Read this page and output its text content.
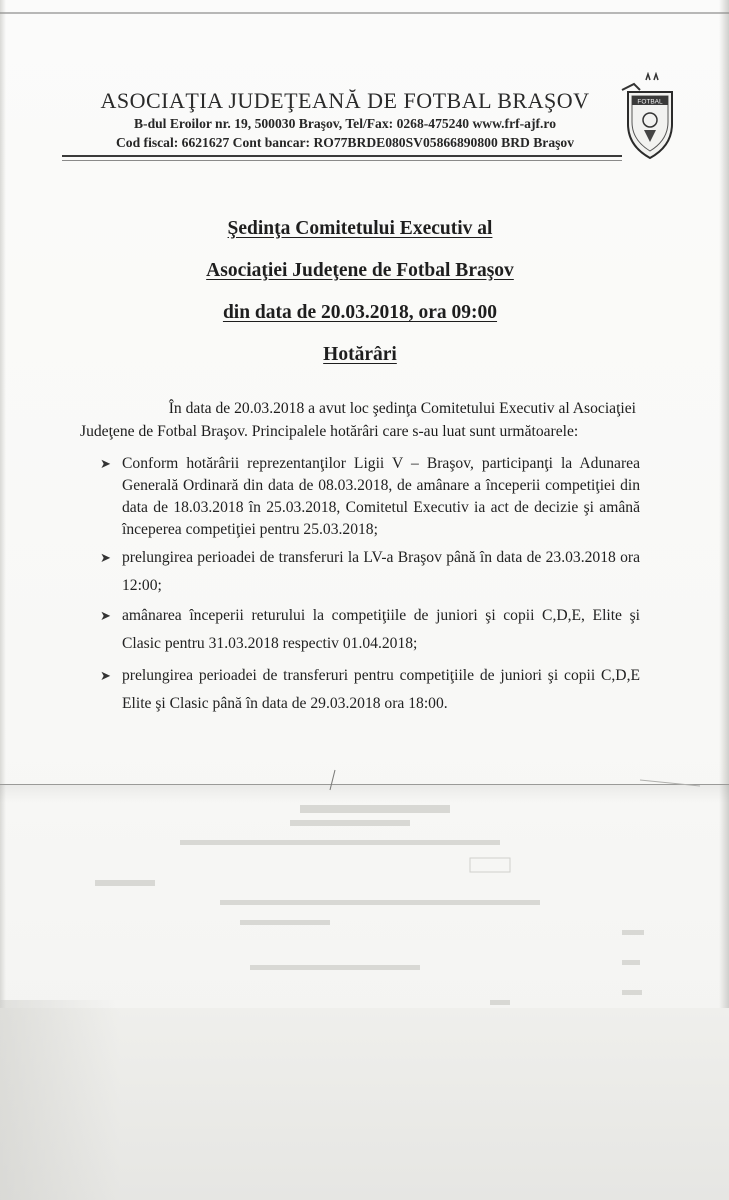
ASOCIAŢIA JUDEŢEANĂ DE FOTBAL BRAŞOV
B-dul Eroilor nr. 19, 500030 Braşov, Tel/Fax: 0268-475240 www.frf-ajf.ro
Cod fiscal: 6621627 Cont bancar: RO77BRDE080SV05866890800 BRD Braşov
FOTBAL
Şedinţa Comitetului Executiv al
Asociaţiei Judeţene de Fotbal Braşov
din data de 20.03.2018, ora 09:00
Hotărâri
În data de 20.03.2018 a avut loc şedinţa Comitetului Executiv al Asociaţiei
Judeţene de Fotbal Braşov. Principalele hotărâri care s-au luat sunt următoarele:
➤ Conform hotărârii reprezentanţilor Ligii V – Braşov, participanţi la Adunarea Generală Ordinară din data de 08.03.2018, de amânare a începerii competiţiei din data de 18.03.2018 în 25.03.2018, Comitetul Executiv ia act de decizie şi amână începerea competiţiei pentru 25.03.2018;
➤ prelungirea perioadei de transferuri la LV-a Braşov până în data de 23.03.2018 ora 12:00;
➤ amânarea începerii returului la competiţiile de juniori şi copii C,D,E, Elite şi Clasic pentru 31.03.2018 respectiv 01.04.2018;
➤ prelungirea perioadei de transferuri pentru competiţiile de juniori şi copii C,D,E Elite şi Clasic până în data de 29.03.2018 ora 18:00.
